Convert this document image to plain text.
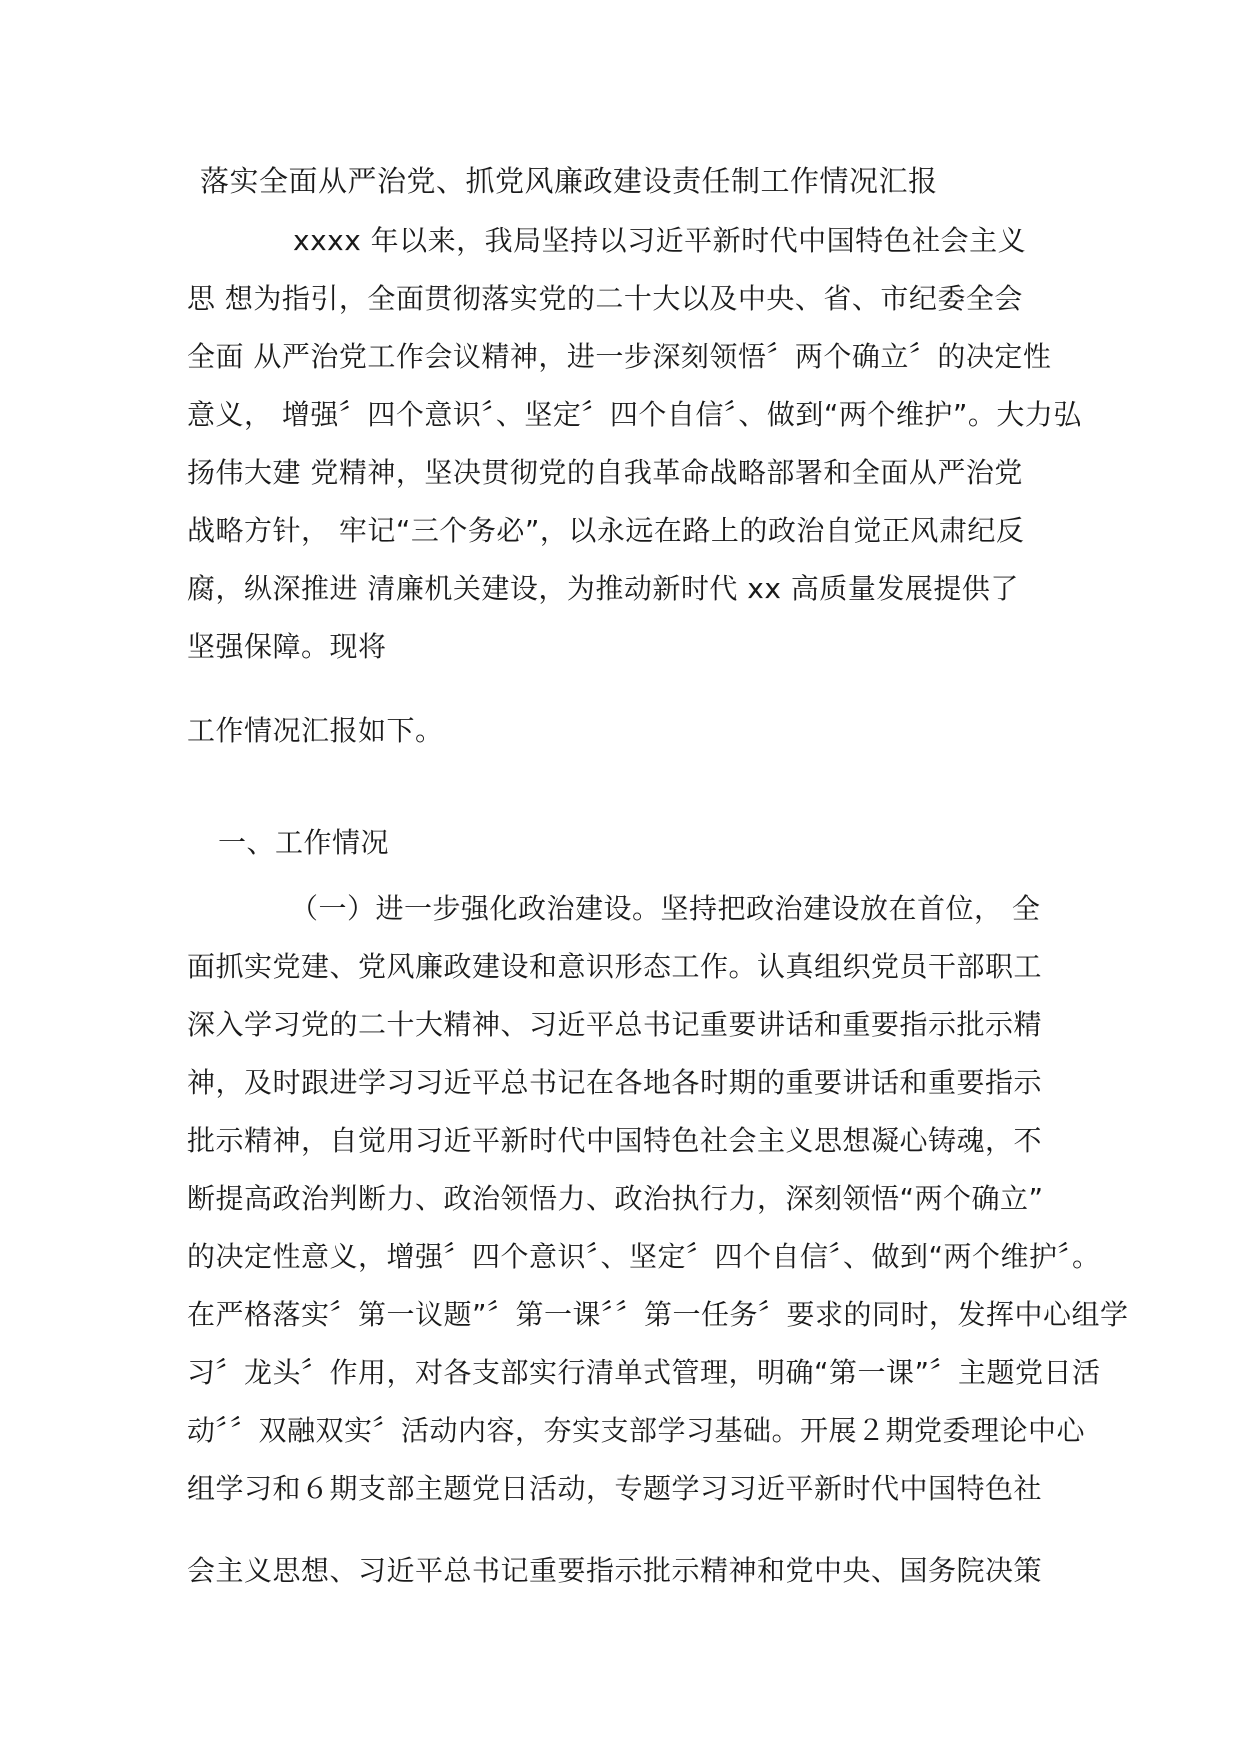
落实全面从严治党、抓党风廉政建设责任制工作情况汇报
xxxx 年以来，我局坚持以习近平新时代中国特色社会主义
思 想为指引，全面贯彻落实党的二十大以及中央、省、市纪委全会
全面 从严治党工作会议精神，进一步深刻领悟〞两个确立〞的决定性
意义， 增强〞四个意识〞、坚定〞四个自信〞、做到“两个维护”。大力弘
扬伟大建 党精神，坚决贯彻党的自我革命战略部署和全面从严治党
战略方针， 牢记“三个务必”，以永远在路上的政治自觉正风肃纪反
腐，纵深推进 清廉机关建设，为推动新时代 xx 高质量发展提供了
坚强保障。现将
工作情况汇报如下。
一、工作情况
（一）进一步强化政治建设。坚持把政治建设放在首位， 全
面抓实党建、党风廉政建设和意识形态工作。认真组织党员干部职工
深入学习党的二十大精神、习近平总书记重要讲话和重要指示批示精
神，及时跟进学习习近平总书记在各地各时期的重要讲话和重要指示
批示精神，自觉用习近平新时代中国特色社会主义思想凝心铸魂，不
断提高政治判断力、政治领悟力、政治执行力，深刻领悟“两个确立”
的决定性意义，增强〞四个意识〞、坚定〞四个自信〞、做到“两个维护〞。
在严格落实〞第一议题”〞第一课〞〞第一任务〞要求的同时，发挥中心组学
习〞龙头〞作用，对各支部实行清单式管理，明确“第一课”〞主题党日活
动〞〞双融双实〞活动内容，夯实支部学习基础。开展２期党委理论中心
组学习和６期支部主题党日活动，专题学习习近平新时代中国特色社
会主义思想、习近平总书记重要指示批示精神和党中央、国务院决策
